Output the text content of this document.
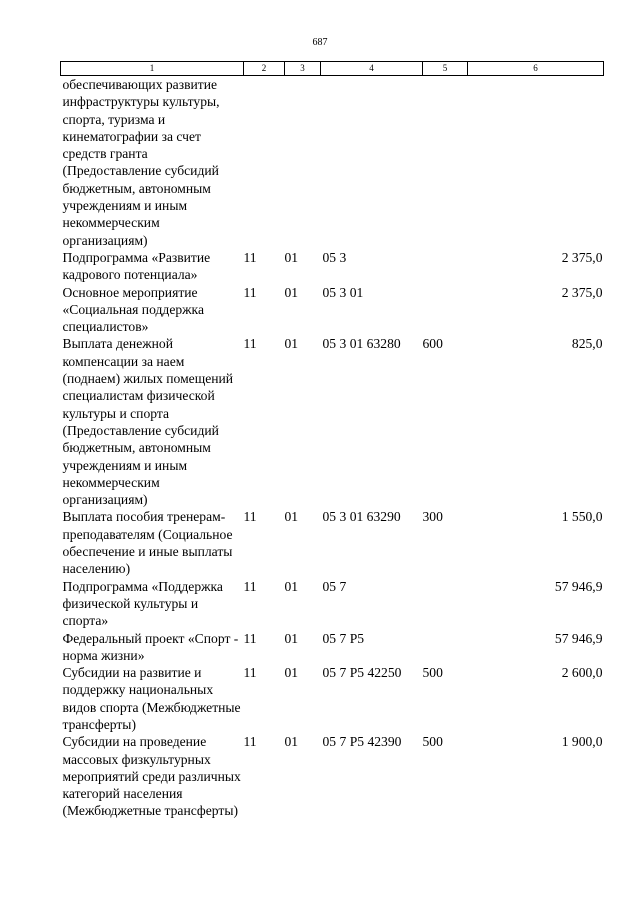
687
1	2	3	4	5	6
обеспечивающих развитие инфраструктуры культуры, спорта, туризма и кинематографии за счет средств гранта (Предоставление субсидий бюджетным, автономным учреждениям и иным некоммерческим организациям)					
Подпрограмма «Развитие кадрового потенциала»	11	01	05 3		2 375,0
Основное мероприятие «Социальная поддержка специалистов»	11	01	05 3 01		2 375,0
Выплата денежной компенсации за наем (поднаем) жилых помещений специалистам физической культуры и спорта (Предоставление субсидий бюджетным, автономным учреждениям и иным некоммерческим организациям)	11	01	05 3 01 63280	600	825,0
Выплата пособия тренерам-преподавателям (Социальное обеспечение и иные выплаты населению)	11	01	05 3 01 63290	300	1 550,0
Подпрограмма «Поддержка физической культуры и спорта»	11	01	05 7		57 946,9
Федеральный проект «Спорт - норма жизни»	11	01	05 7 P5		57 946,9
Субсидии на развитие и поддержку национальных видов спорта (Межбюджетные трансферты)	11	01	05 7 P5 42250	500	2 600,0
Субсидии на проведение массовых физкультурных мероприятий среди различных категорий населения (Межбюджетные трансферты)	11	01	05 7 P5 42390	500	1 900,0
